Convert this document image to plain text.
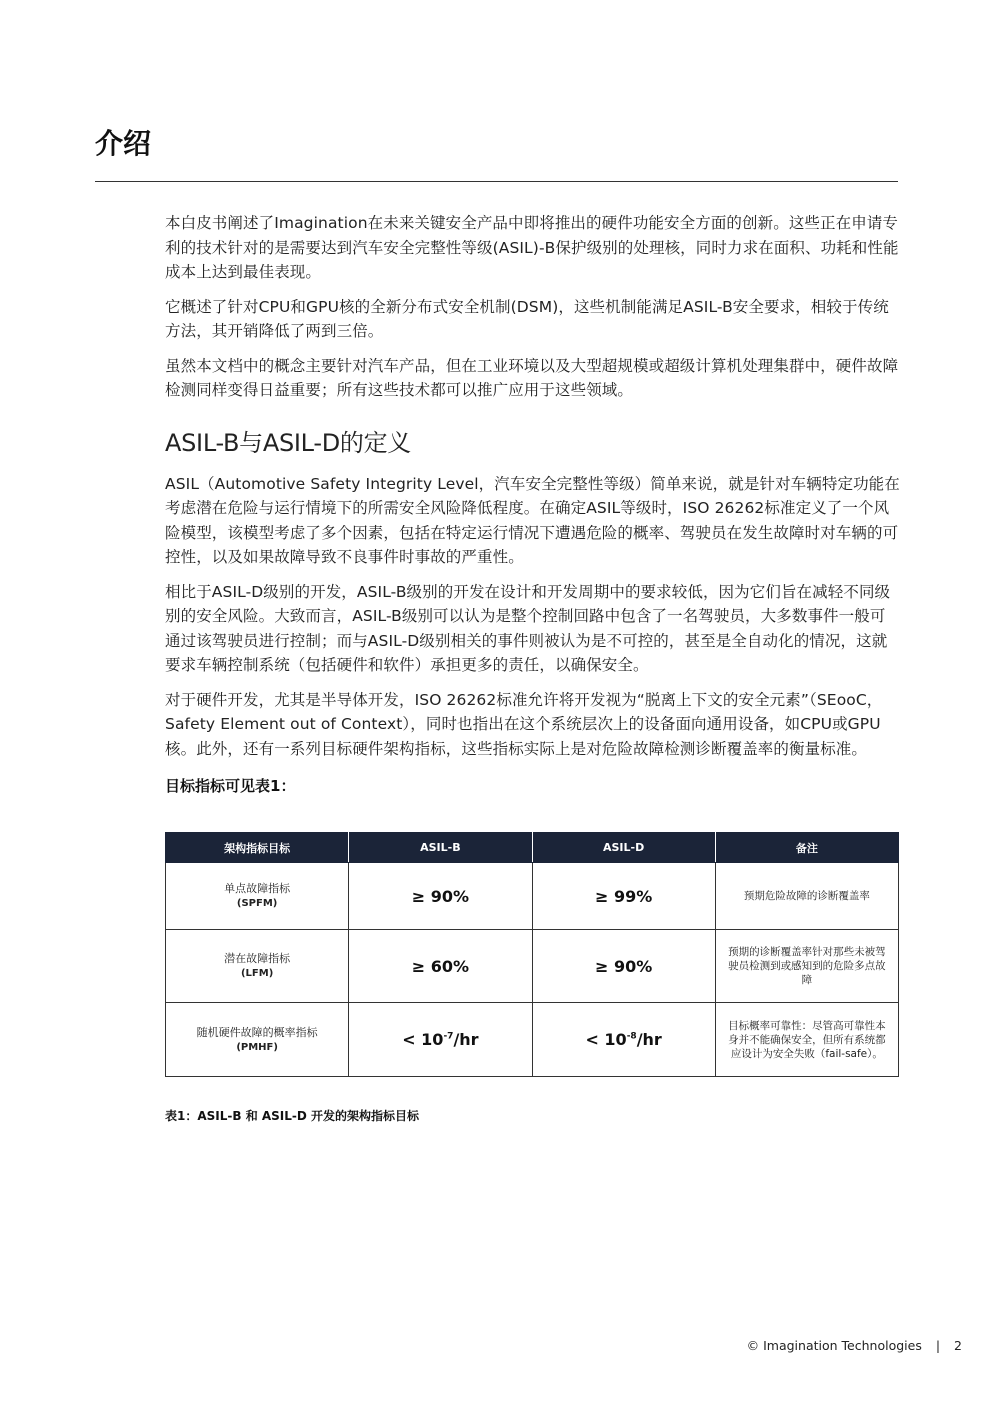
介绍

本白皮书阐述了Imagination在未来关键安全产品中即将推出的硬件功能安全方面的创新。这些正在申请专利的技术针对的是需要达到汽车安全完整性等级(ASIL)-B保护级别的处理核，同时力求在面积、功耗和性能成本上达到最佳表现。

它概述了针对CPU和GPU核的全新分布式安全机制(DSM)，这些机制能满足ASIL-B安全要求，相较于传统方法，其开销降低了两到三倍。

虽然本文档中的概念主要针对汽车产品，但在工业环境以及大型超规模或超级计算机处理集群中，硬件故障检测同样变得日益重要；所有这些技术都可以推广应用于这些领域。

ASIL-B与ASIL-D的定义

ASIL（Automotive Safety Integrity Level，汽车安全完整性等级）简单来说，就是针对车辆特定功能在考虑潜在危险与运行情境下的所需安全风险降低程度。在确定ASIL等级时，ISO 26262标准定义了一个风险模型，该模型考虑了多个因素，包括在特定运行情况下遭遇危险的概率、驾驶员在发生故障时对车辆的可控性，以及如果故障导致不良事件时事故的严重性。

相比于ASIL-D级别的开发，ASIL-B级别的开发在设计和开发周期中的要求较低，因为它们旨在减轻不同级别的安全风险。大致而言，ASIL-B级别可以认为是整个控制回路中包含了一名驾驶员，大多数事件一般可通过该驾驶员进行控制；而与ASIL-D级别相关的事件则被认为是不可控的，甚至是全自动化的情况，这就要求车辆控制系统（包括硬件和软件）承担更多的责任，以确保安全。

对于硬件开发，尤其是半导体开发，ISO 26262标准允许将开发视为“脱离上下文的安全元素”（SEooC，Safety Element out of Context），同时也指出在这个系统层次上的设备面向通用设备，如CPU或GPU核。此外，还有一系列目标硬件架构指标，这些指标实际上是对危险故障检测诊断覆盖率的衡量标准。

目标指标可见表1：
架构指标目标	ASIL-B	ASIL-D	备注
单点故障指标
(SPFM)	≥ 90%	≥ 99%	预期危险故障的诊断覆盖率
潜在故障指标
(LFM)	≥ 60%	≥ 90%	预期的诊断覆盖率针对那些未被驾驶员检测到或感知到的危险多点故障
随机硬件故障的概率指标
(PMHF)	< $10^{-7}/hr$	< $10^{-8}/hr$	目标概率可靠性：尽管高可靠性本身并不能确保安全，但所有系统都应设计为安全失败（fail-safe）。
表1：ASIL-B 和 ASIL-D 开发的架构指标目标
© Imagination Technologies | 2
